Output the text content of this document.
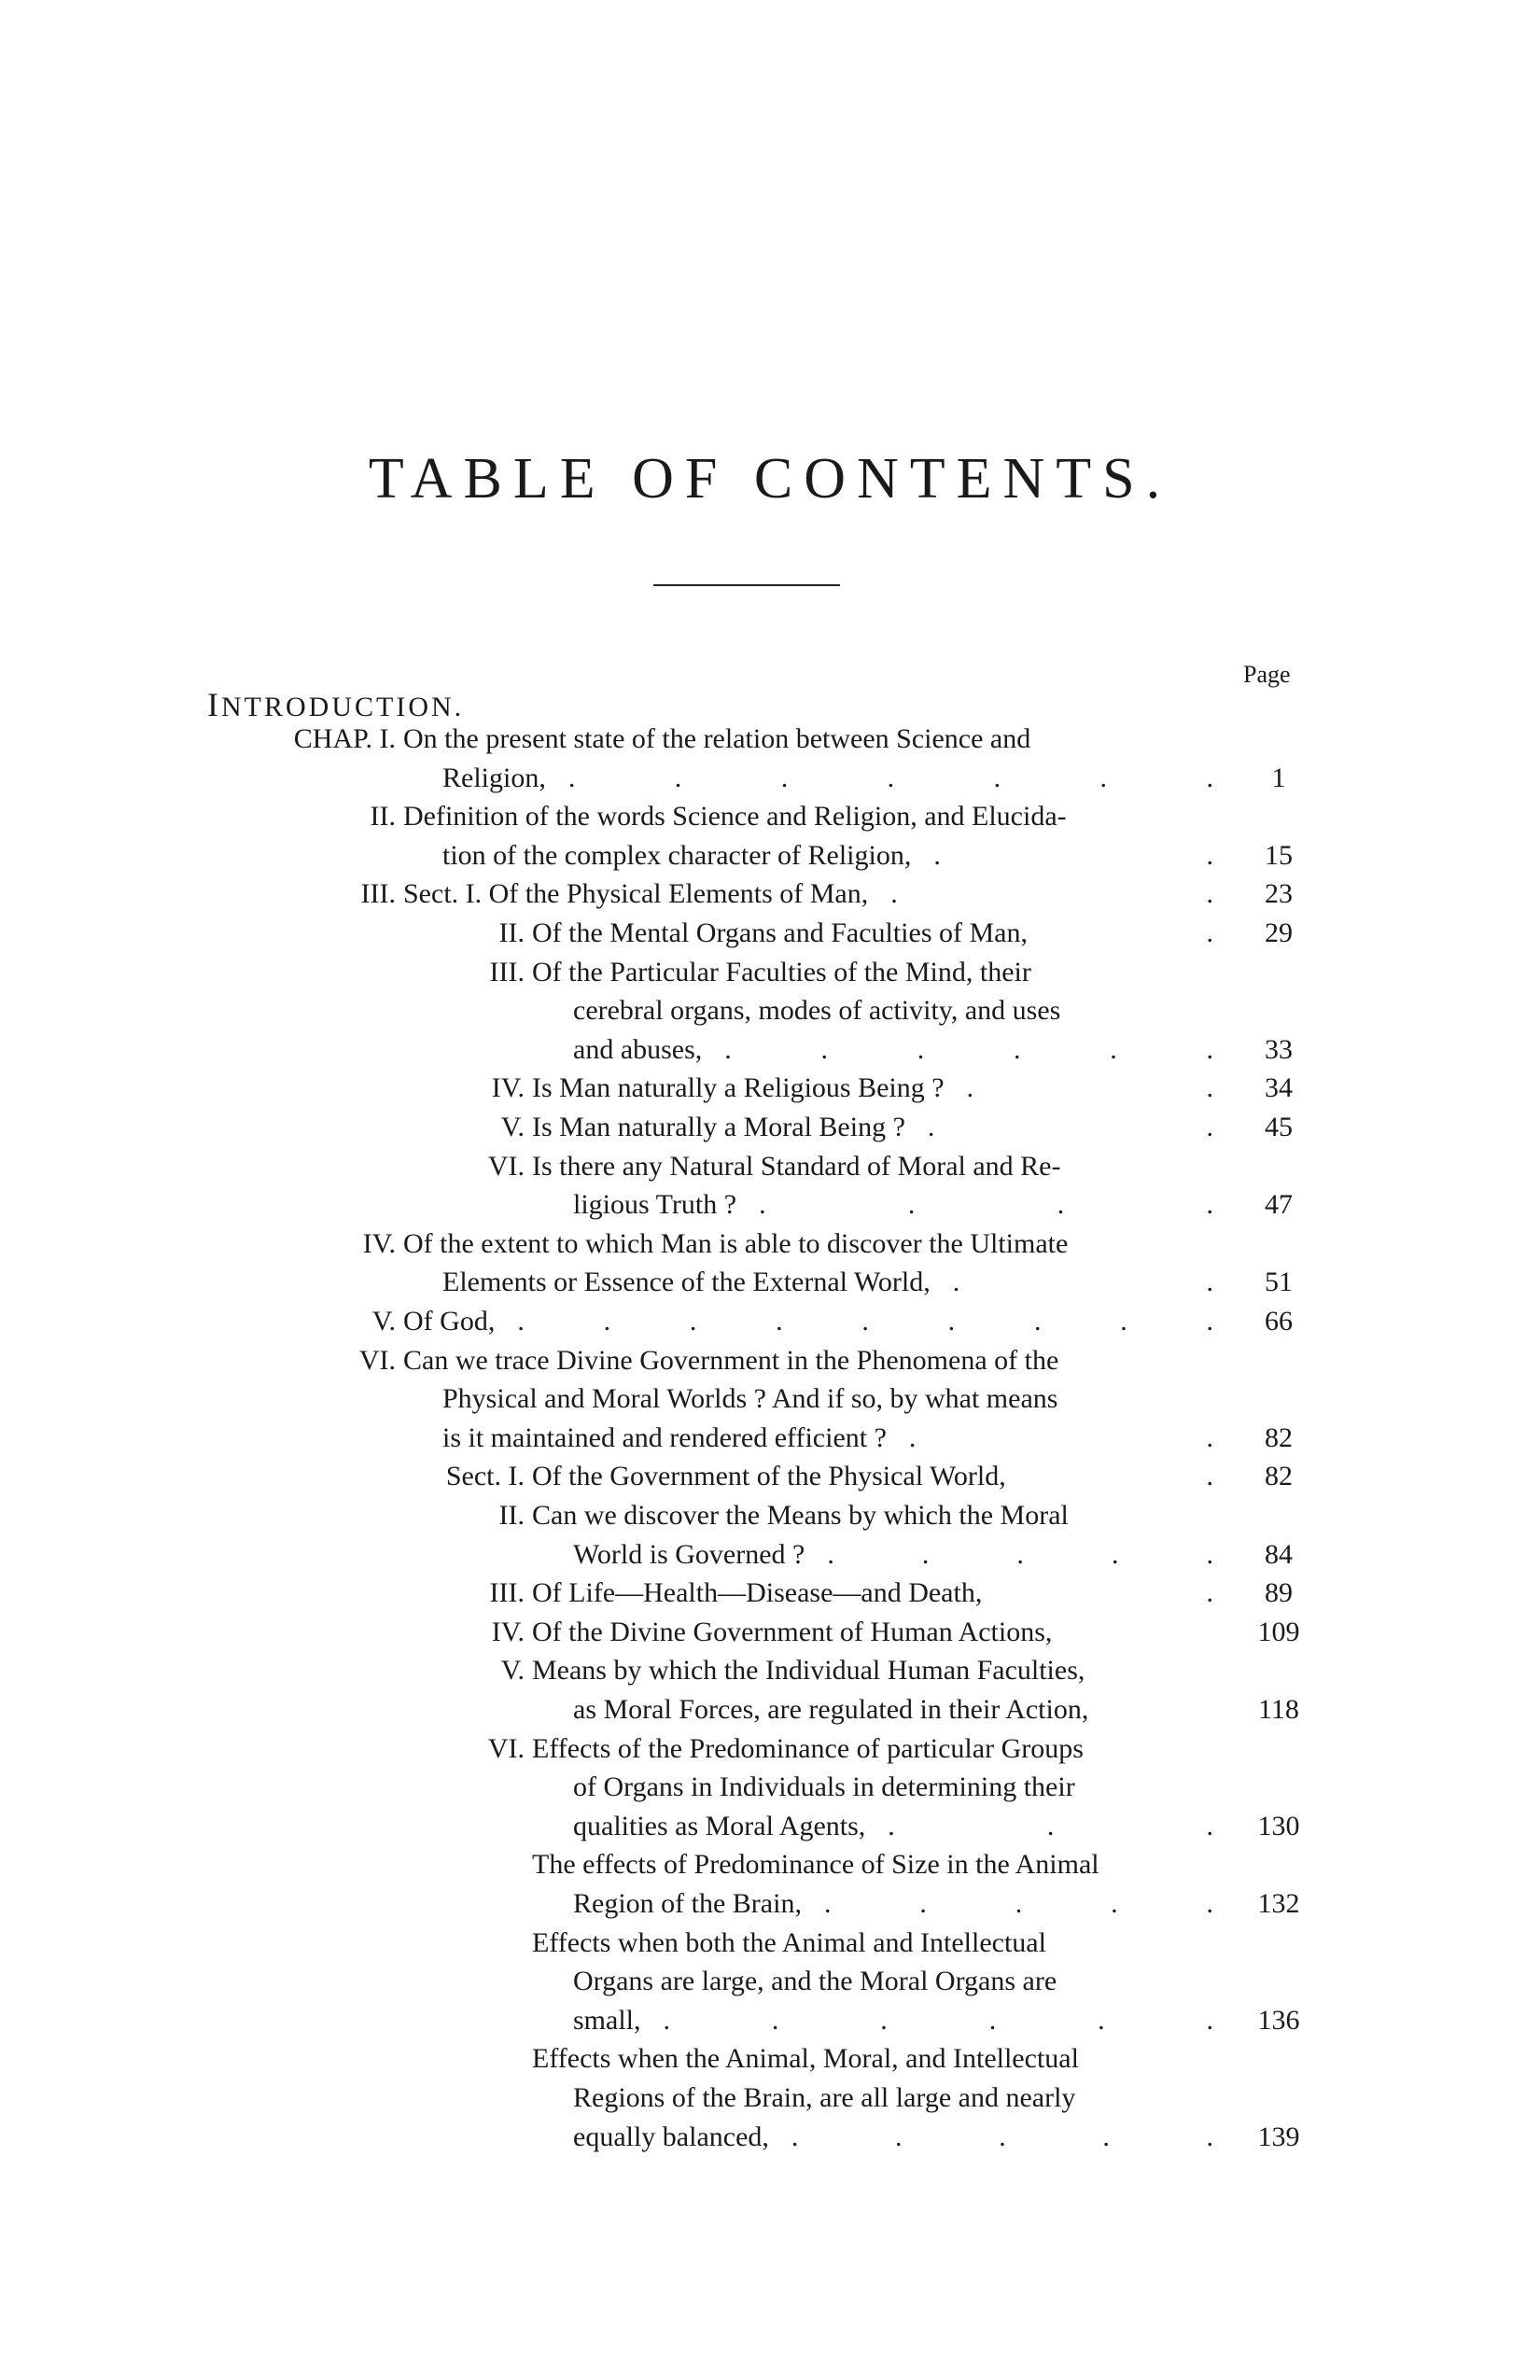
TABLE OF CONTENTS.
Page
INTRODUCTION.
CHAP. I. On the present state of the relation between Science and
Religion, . . . . . . .	1
II. Definition of the words Science and Religion, and Elucida-
tion of the complex character of Religion, . .	15
III. Sect. I. Of the Physical Elements of Man, . .	23
II. Of the Mental Organs and Faculties of Man,	.	29
III. Of the Particular Faculties of the Mind, their
cerebral organs, modes of activity, and uses
and abuses, . . . . . .	33
IV. Is Man naturally a Religious Being ? . .	34
V. Is Man naturally a Moral Being ? . .	45
VI. Is there any Natural Standard of Moral and Re-
ligious Truth ? . . . .	47
IV. Of the extent to which Man is able to discover the Ultimate
Elements or Essence of the External World, . .	51
V. Of God, . . . . . . . . .	66
VI. Can we trace Divine Government in the Phenomena of the
Physical and Moral Worlds ? And if so, by what means
is it maintained and rendered efficient ? . .	82
Sect. I. Of the Government of the Physical World,	.	82
II. Can we discover the Means by which the Moral
World is Governed ? . . . . .	84
III. Of Life—Health—Disease—and Death,	.	89
IV. Of the Divine Government of Human Actions,	109
V. Means by which the Individual Human Faculties,
as Moral Forces, are regulated in their Action,	118
VI. Effects of the Predominance of particular Groups
of Organs in Individuals in determining their
qualities as Moral Agents, . . .	130
The effects of Predominance of Size in the Animal
Region of the Brain, . . . . .	132
Effects when both the Animal and Intellectual
Organs are large, and the Moral Organs are
small, . . . . . .	136
Effects when the Animal, Moral, and Intellectual
Regions of the Brain, are all large and nearly
equally balanced, . . . . .	139
